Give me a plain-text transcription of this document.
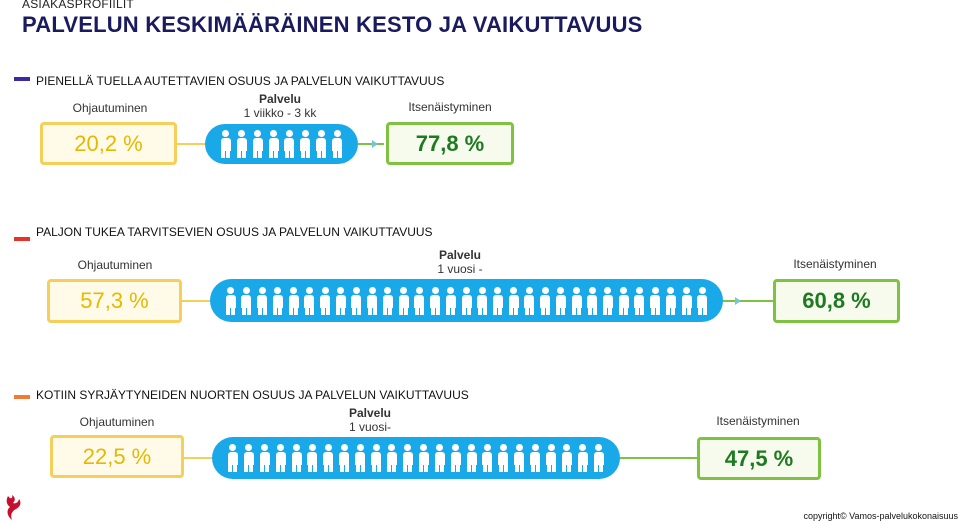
ASIAKASPROFIILIT
PALVELUN KESKIMÄÄRÄINEN KESTO JA VAIKUTTAVUUS
PIENELLÄ TUELLA AUTETTAVIEN OSUUS JA PALVELUN VAIKUTTAVUUS
Ohjautuminen
Palvelu
1 viikko - 3 kk	Itsenäistyminen
20,2 %	77,8 %
PALJON TUKEA TARVITSEVIEN OSUUS JA PALVELUN VAIKUTTAVUUS
Ohjautuminen
Palvelu
1 vuosi -	Itsenäistyminen
57,3 %	60,8 %
KOTIIN SYRJÄYTYNEIDEN NUORTEN OSUUS JA PALVELUN VAIKUTTAVUUS
Ohjautuminen
Palvelu
1 vuosi-	Itsenäistyminen
22,5 %	47,5 %
copyright© Vamos-palvelukokonaisuus
